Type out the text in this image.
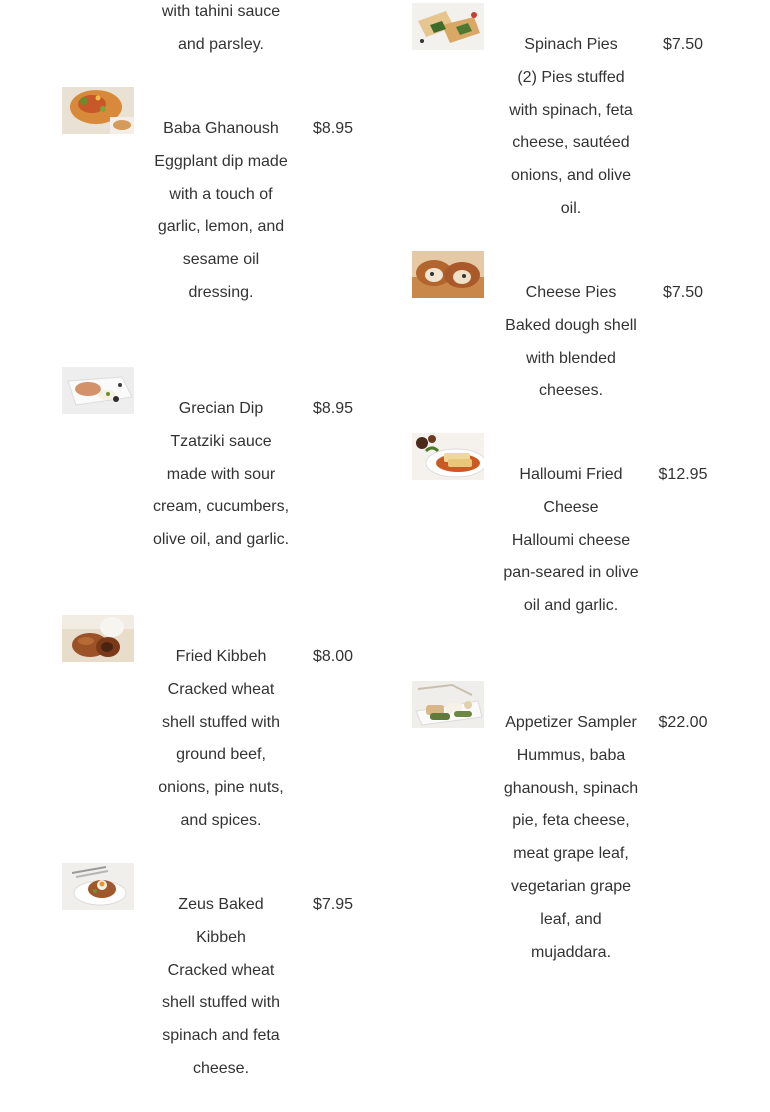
with tahini sauce and parsley.
Baba Ghanoush
Eggplant dip made with a touch of garlic, lemon, and sesame oil dressing.
$8.95
Grecian Dip
Tzatziki sauce made with sour cream, cucumbers, olive oil, and garlic.
$8.95
Fried Kibbeh
Cracked wheat shell stuffed with ground beef, onions, pine nuts, and spices.
$8.00
Zeus Baked Kibbeh
Cracked wheat shell stuffed with spinach and feta cheese.
$7.95
Spinach Pies
(2) Pies stuffed with spinach, feta cheese, sautéed onions, and olive oil.
$7.50
Cheese Pies
Baked dough shell with blended cheeses.
$7.50
Halloumi Fried Cheese
Halloumi cheese pan-seared in olive oil and garlic.
$12.95
Appetizer Sampler
Hummus, baba ghanoush, spinach pie, feta cheese, meat grape leaf, vegetarian grape leaf, and mujaddara.
$22.00
